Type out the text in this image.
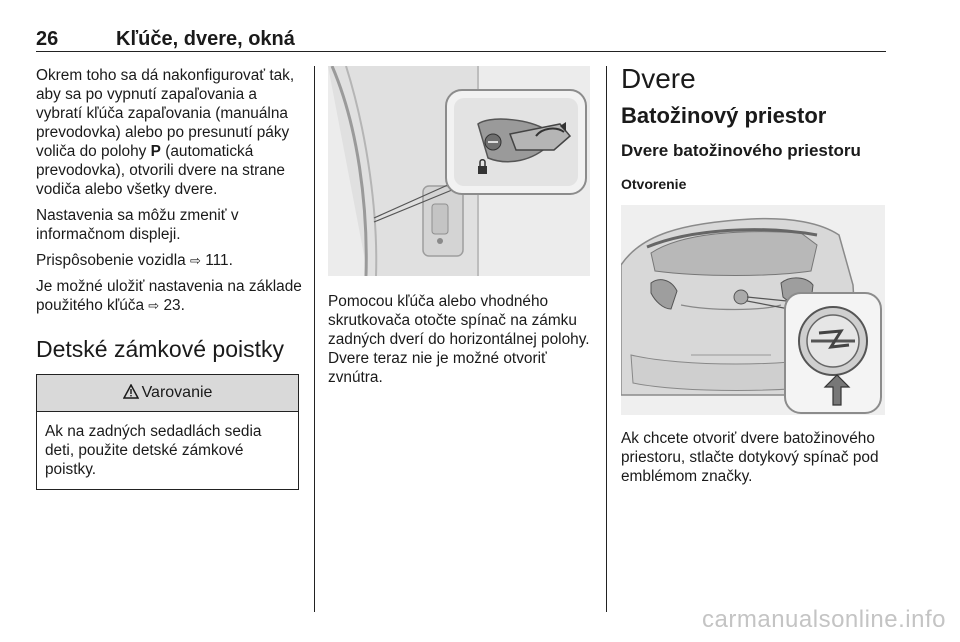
26	Kľúče, dvere, okná

Okrem toho sa dá nakonfigurovať tak, aby sa po vypnutí zapaľovania a vybratí kľúča zapaľovania (manuálna prevodovka) alebo po presunutí páky voliča do polohy P (automatická prevodovka), otvorili dvere na strane vodiča alebo všetky dvere.

Nastavenia sa môžu zmeniť v informačnom displeji.

Prispôsobenie vozidla ⇨ 111.

Je možné uložiť nastavenia na základe použitého kľúča ⇨ 23.

Detské zámkové poistky
Varovanie
Ak na zadných sedadlách sedia deti, použite detské zámkové poistky.

Pomocou kľúča alebo vhodného skrutkovača otočte spínač na zámku zadných dverí do horizontálnej polohy. Dvere teraz nie je možné otvoriť zvnútra.

Dvere
Batožinový priestor
Dvere batožinového priestoru
Otvorenie

Ak chcete otvoriť dvere batožinového priestoru, stlačte dotykový spínač pod emblémom značky.

carmanualsonline.info
